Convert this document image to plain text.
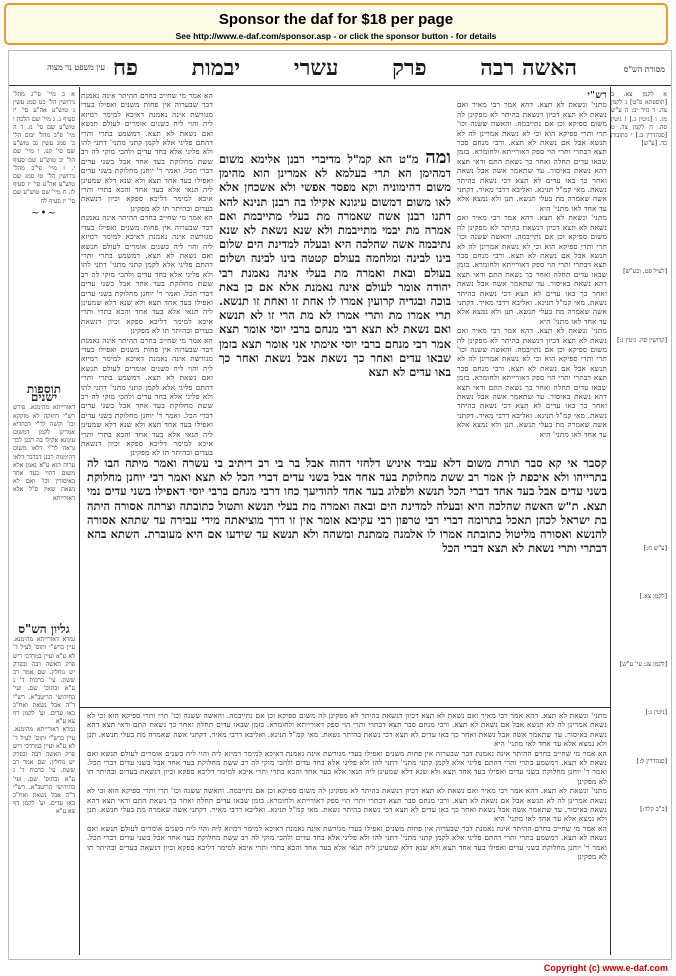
Sponsor the daf for $18 per page
See http://www.e-daf.com/sponsor.asp - or click the sponsor button - for details
עין משפט נר מצוה	האשה רבה
פרק
עשרי
יבמות
פח	מסורת הש"ס
א לקמן צא. ב [תוספתא פ"ט] ג לקמן צה. ד נזיר יב: ה ע"ש מו. ו [גיטין ג.] ז גיטין סה. ח לקמן צד. ט [סנהדרין ב.] י כתובות כד. [ע"ש]
[לעיל פט. ובע"ש]
[קדושין סה. גיטין נ:]
[ע"ש ח:]
[לקמן צא.]
[לקמן צג: עי' ע"ש]
[גיטין ג:]
[סנהדרין ל:]
[ב"ב קלד:]
רש"י
מתני' ונשאת לא תצא. דהא אמר רבי מאיר ואם נשאת לא תצא דכיון דנשאת בהיתר לא מפקינן לה משום ספיקא וכן אם נתייבמה. והאשה ששנה וכו' תרי ותרי ספיקא הוא וכי לא נשאת אמרינן לה לא תנשא אבל אם נשאת לא תצא. ורבי מנחם סבר תצא דבתרי ותרי הוי ספק דאורייתא ולחומרא. בזמן שבאו עדים תחלה ואחר כך נשאת התם ודאי תצא דהא נשאת באיסור. עד שתאמר אשה אבל נשאת ואחר כך באו עדים לא תצא דכי נשאת בהיתר נשאת. מאי קמ"ל תנינא. ואליבא דרבי מאיר. דקתני אשה שאמרה מת בעלי תנשא. תנן ולא נמצא אלא עד אחד לאו מתני' היא
מתני' ונשאת לא תצא. דהא אמר רבי מאיר ואם נשאת לא תצא דכיון דנשאת בהיתר לא מפקינן לה משום ספיקא וכן אם נתייבמה. והאשה ששנה וכו' תרי ותרי ספיקא הוא וכי לא נשאת אמרינן לה לא תנשא אבל אם נשאת לא תצא. ורבי מנחם סבר תצא דבתרי ותרי הוי ספק דאורייתא ולחומרא. בזמן שבאו עדים תחלה ואחר כך נשאת התם ודאי תצא דהא נשאת באיסור. עד שתאמר אשה אבל נשאת ואחר כך באו עדים לא תצא דכי נשאת בהיתר נשאת. מאי קמ"ל תנינא. ואליבא דרבי מאיר. דקתני אשה שאמרה מת בעלי תנשא. תנן ולא נמצא אלא עד אחד לאו מתני' היא
מתני' ונשאת לא תצא. דהא אמר רבי מאיר ואם נשאת לא תצא דכיון דנשאת בהיתר לא מפקינן לה משום ספיקא וכן אם נתייבמה. והאשה ששנה וכו' תרי ותרי ספיקא הוא וכי לא נשאת אמרינן לה לא תנשא אבל אם נשאת לא תצא. ורבי מנחם סבר תצא דבתרי ותרי הוי ספק דאורייתא ולחומרא. בזמן שבאו עדים תחלה ואחר כך נשאת התם ודאי תצא דהא נשאת באיסור. עד שתאמר אשה אבל נשאת ואחר כך באו עדים לא תצא דכי נשאת בהיתר נשאת. מאי קמ"ל תנינא. ואליבא דרבי מאיר. דקתני אשה שאמרה מת בעלי תנשא. תנן ולא נמצא אלא עד אחד לאו מתני' היא
ומה מ"ט הא קמ"ל מדיברי רבנן אלימא משום דמהימן הא תרי בעלמא לא אמרינן הוא מהימן משום דהימוניה וקא מפסד אפשי ולא אשכחן אלא לאו משום דמשום עיגונא אקילו בה רבנן תנינא להא דתנו רבנן אשה שאמרה מת בעלי מתייבמת ואם אמרה מת יבמי מתייבמת ולא שנא נשאת לא שנא נתיבמה אשה שהלכה היא ובעלה למדינת הים שלום בינו לבינה ומלחמה בעולם קטטה בינו לבינה ושלום בעולם ובאת ואמרה מת בעלי אינה נאמנת רבי יהודה אומר לעולם אינה נאמנת אלא אם כן באת בוכה ובגדיה קרועין אמרו לו אחת זו ואחת זו תנשא. תרי אמרו מת ותרי אמרו לא מת הרי זו לא תנשא ואם נשאת לא תצא רבי מנחם ברבי יוסי אומר תצא אמר רבי מנחם ברבי יוסי אימתי אני אומר תצא בזמן שבאו עדים ואחר כך נשאת אבל נשאת ואחר כך באו עדים לא תצא
קסבר אי קא סבר תורת משום דלא עביד איניש דלחזי דהוה אבל בר בי רב דיתיב בי עשרה ואמר מיתה הבו לה בתרייהו ולא איכפת לן אמר רב ששת מחלוקת בעד אחד אבל בשני עדים דברי הכל לא תצא ואמר רבי יוחנן מחלוקת בשני עדים אבל בעד אחד דברי הכל תנשא ולפלוג בעד אחד להודיעך כחו דרבי מנחם ברבי יוסי דאפילו בשני עדים נמי תצא. ת"ש האשה שהלכה היא ובעלה למדינת הים ובאה ואמרה מת בעלי תנשא ותטול כתובתה וצרתה אסורה היתה בת ישראל לכהן תאכל בתרומה דברי רבי טרפון רבי עקיבא אומר אין זו דרך מוציאתה מידי עבירה עד שתהא אסורה להנשא ואסורה מליטול כתובתה אמרו לו אלמנה ממתנת ומשהה ולא תנשא עד שידעו אם היא מעוברת. השתא בהא דבתרי ותרי נשאת לא תצא דברי הכל
הא אמר מי שחייב בחרם ההיתר אינה נאמנת דבר שבערוה אין פחות משנים ואפילו בעדי מגורשת אינה נאמנת דאיכא למימר רמיזא ליה והוי ליה כשנים אומרים לעולם תנשא ואם נשאת לא תצא. דמשמע בתרי ותרי דהתם פליגי אלא לקמן קתני מתני' דתני להו ולא פליגי אלא בחד עדים ולהכי מוקי לה רב ששת מחלוקת בעד אחד אבל בשני עדים דברי הכל. ואמר ר' יוחנן מחלוקת בשני עדים ואפילו בעד אחד תצא ולא שנא דלא שמעינן ליה תנאי אלא בעד אחד והכא בתרי ותרי איכא למימר דליכא ספקא וכיון דנשאת בעדים ובהיתר תו לא מפקינן
הא אמר מי שחייב בחרם ההיתר אינה נאמנת דבר שבערוה אין פחות משנים ואפילו בעדי מגורשת אינה נאמנת דאיכא למימר רמיזא ליה והוי ליה כשנים אומרים לעולם תנשא ואם נשאת לא תצא. דמשמע בתרי ותרי דהתם פליגי אלא לקמן קתני מתני' דתני להו ולא פליגי אלא בחד עדים ולהכי מוקי לה רב ששת מחלוקת בעד אחד אבל בשני עדים דברי הכל. ואמר ר' יוחנן מחלוקת בשני עדים ואפילו בעד אחד תצא ולא שנא דלא שמעינן ליה תנאי אלא בעד אחד והכא בתרי ותרי איכא למימר דליכא ספקא וכיון דנשאת בעדים ובהיתר תו לא מפקינן
הא אמר מי שחייב בחרם ההיתר אינה נאמנת דבר שבערוה אין פחות משנים ואפילו בעדי מגורשת אינה נאמנת דאיכא למימר רמיזא ליה והוי ליה כשנים אומרים לעולם תנשא ואם נשאת לא תצא. דמשמע בתרי ותרי דהתם פליגי אלא לקמן קתני מתני' דתני להו ולא פליגי אלא בחד עדים ולהכי מוקי לה רב ששת מחלוקת בעד אחד אבל בשני עדים דברי הכל. ואמר ר' יוחנן מחלוקת בשני עדים ואפילו בעד אחד תצא ולא שנא דלא שמעינן ליה תנאי אלא בעד אחד והכא בתרי ותרי איכא למימר דליכא ספקא וכיון דנשאת בעדים ובהיתר תו לא מפקינן
א ב מיי' פי"ג מהל' גירושין הל' כט סמג עשין נ טוש"ע אה"ע סי' יז סעיף נ. ג מיי' שם הלכה ו טוש"ע שם סי' נז. ד ה מיי' פ"ב מהל' יבום הל' כ' סמג עשין נב טוש"ע שם סי' קנו. ו מיי' שם הל' יב טוש"ע שם סעיף י. ז מיי' פי"ב מהל' גירושין הל' טו סמג שם טוש"ע אה"ע סי' יז סעיף לו. ח מיי' שם טוש"ע שם סי' יז סעיף לח
~•~
תוספות ישנים
דאורייתא מהימנא. פירש רש"י דחזקה לא מזקקא וכו' וקשה לר"י דבהדיא אמרינן לקמן דמשום עיגונא אקילו בה רבנן לכך נראה לר"י דלאו משום דהימנוה רבנן דבדבר דלאו ערוה הוא ע"א נאמן אלא משום דהוי כעד אחד באיסורין וכו' ואם לא נשאת שאין ס"ל אלא דאורייתא
גליון הש"ס
גמרא דאורייתא מהימנא. עיין ברש"י ותוס' לעיל ד' לא ע"א ועיין במרדכי ריש פרק האשה רבה ובפרק יש נוחלין. שם אמר רב ששת. עי' ברכות ד' ג ע"א ובתוס' שם. ועי' בחידושי הריטב"א. רש"י ד"ה אבל נשאת ואח"כ באו עדים. וע' לקמן דף צא ע"א
גמרא דאורייתא מהימנא. עיין ברש"י ותוס' לעיל ד' לא ע"א ועיין במרדכי ריש פרק האשה רבה ובפרק יש נוחלין. שם אמר רב ששת. עי' ברכות ד' ג ע"א ובתוס' שם. ועי' בחידושי הריטב"א. רש"י ד"ה אבל נשאת ואח"כ באו עדים. וע' לקמן דף צא ע"א
מתני' ונשאת לא תצא. דהא אמר רבי מאיר ואם נשאת לא תצא דכיון דנשאת בהיתר לא מפקינן לה משום ספיקא וכן אם נתייבמה. והאשה ששנה וכו' תרי ותרי ספיקא הוא וכי לא נשאת אמרינן לה לא תנשא אבל אם נשאת לא תצא. ורבי מנחם סבר תצא דבתרי ותרי הוי ספק דאורייתא ולחומרא. בזמן שבאו עדים תחלה ואחר כך נשאת התם ודאי תצא דהא נשאת באיסור. עד שתאמר אשה אבל נשאת ואחר כך באו עדים לא תצא דכי נשאת בהיתר נשאת. מאי קמ"ל תנינא. ואליבא דרבי מאיר. דקתני אשה שאמרה מת בעלי תנשא. תנן ולא נמצא אלא עד אחד לאו מתני' היא
הא אמר מי שחייב בחרם ההיתר אינה נאמנת דבר שבערוה אין פחות משנים ואפילו בעדי מגורשת אינה נאמנת דאיכא למימר רמיזא ליה והוי ליה כשנים אומרים לעולם תנשא ואם נשאת לא תצא. דמשמע בתרי ותרי דהתם פליגי אלא לקמן קתני מתני' דתני להו ולא פליגי אלא בחד עדים ולהכי מוקי לה רב ששת מחלוקת בעד אחד אבל בשני עדים דברי הכל. ואמר ר' יוחנן מחלוקת בשני עדים ואפילו בעד אחד תצא ולא שנא דלא שמעינן ליה תנאי אלא בעד אחד והכא בתרי ותרי איכא למימר דליכא ספקא וכיון דנשאת בעדים ובהיתר תו לא מפקינן
מתני' ונשאת לא תצא. דהא אמר רבי מאיר ואם נשאת לא תצא דכיון דנשאת בהיתר לא מפקינן לה משום ספיקא וכן אם נתייבמה. והאשה ששנה וכו' תרי ותרי ספיקא הוא וכי לא נשאת אמרינן לה לא תנשא אבל אם נשאת לא תצא. ורבי מנחם סבר תצא דבתרי ותרי הוי ספק דאורייתא ולחומרא. בזמן שבאו עדים תחלה ואחר כך נשאת התם ודאי תצא דהא נשאת באיסור. עד שתאמר אשה אבל נשאת ואחר כך באו עדים לא תצא דכי נשאת בהיתר נשאת. מאי קמ"ל תנינא. ואליבא דרבי מאיר. דקתני אשה שאמרה מת בעלי תנשא. תנן ולא נמצא אלא עד אחד לאו מתני' היא
הא אמר מי שחייב בחרם ההיתר אינה נאמנת דבר שבערוה אין פחות משנים ואפילו בעדי מגורשת אינה נאמנת דאיכא למימר רמיזא ליה והוי ליה כשנים אומרים לעולם תנשא ואם נשאת לא תצא. דמשמע בתרי ותרי דהתם פליגי אלא לקמן קתני מתני' דתני להו ולא פליגי אלא בחד עדים ולהכי מוקי לה רב ששת מחלוקת בעד אחד אבל בשני עדים דברי הכל. ואמר ר' יוחנן מחלוקת בשני עדים ואפילו בעד אחד תצא ולא שנא דלא שמעינן ליה תנאי אלא בעד אחד והכא בתרי ותרי איכא למימר דליכא ספקא וכיון דנשאת בעדים ובהיתר תו לא מפקינן
Copyright (c) www.e-daf.com
